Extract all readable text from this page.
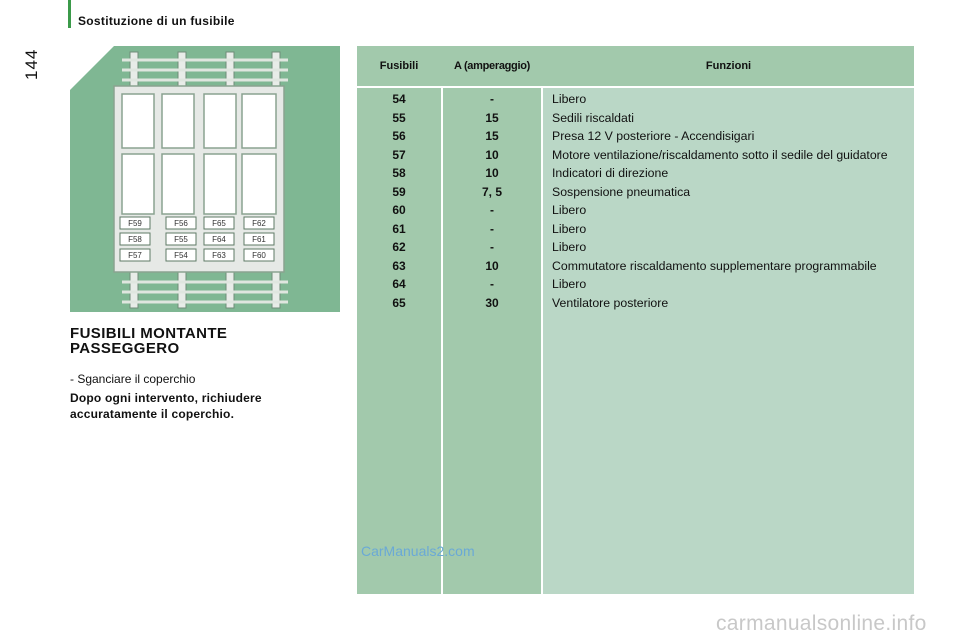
Sostituzione di un fusibile
144
F59	F56	F65	F62
F58	F55	F64	F61
F57	F54	F63	F60
FUSIBILI MONTANTE PASSEGGERO
- Sganciare il coperchio
Dopo ogni intervento, richiudere accuratamente il coperchio.
Fusibili	A (amperaggio)	Funzioni
54	-	Libero
55	15	Sedili riscaldati
56	15	Presa 12 V posteriore - Accendisigari
57	10	Motore ventilazione/riscaldamento sotto il sedile del guidatore
58	10	Indicatori di direzione
59	7, 5	Sospensione pneumatica
60	-	Libero
61	-	Libero
62	-	Libero
63	10	Commutatore riscaldamento supplementare programmabile
64	-	Libero
65	30	Ventilatore posteriore
CarManuals2.com
carmanualsonline.info
